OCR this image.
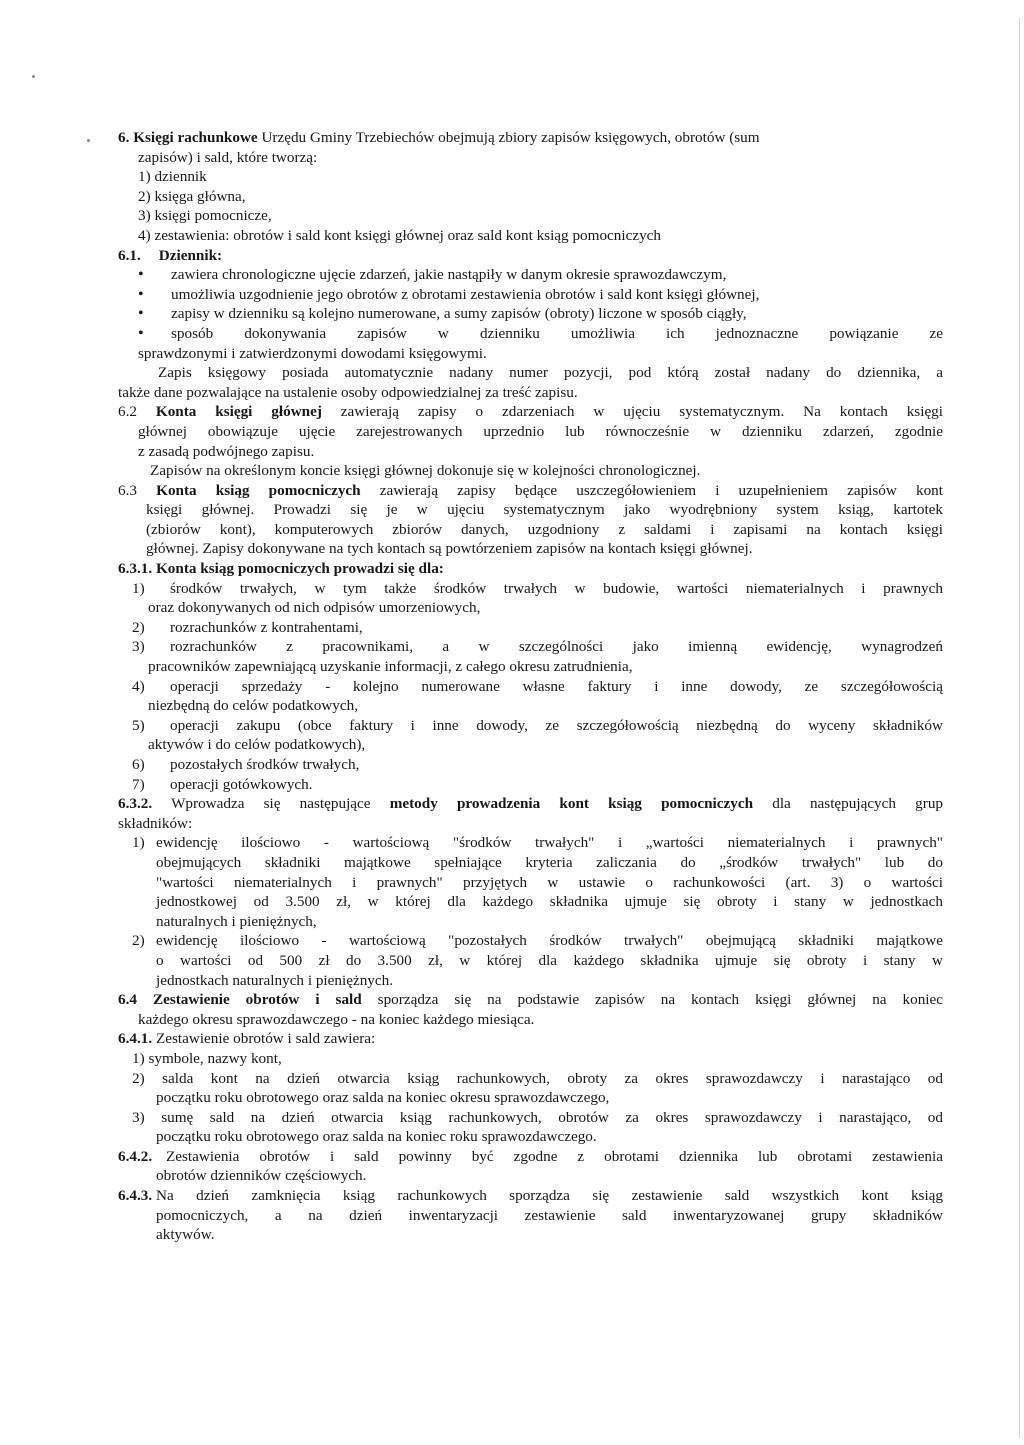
6. Księgi rachunkowe Urzędu Gminy Trzebiechów obejmują zbiory zapisów księgowych, obrotów (sum
zapisów) i sald, które tworzą:
1) dziennik
2) księga główna,
3) księgi pomocnicze,
4) zestawienia: obrotów i sald kont księgi głównej oraz sald kont ksiąg pomocniczych
6.1. Dziennik:
•zawiera chronologiczne ujęcie zdarzeń, jakie nastąpiły w danym okresie sprawozdawczym,
•umożliwia uzgodnienie jego obrotów z obrotami zestawienia obrotów i sald kont księgi głównej,
•zapisy w dzienniku są kolejno numerowane, a sumy zapisów (obroty) liczone w sposób ciągły,
•
sposób dokonywania zapisów w dzienniku umożliwia ich jednoznaczne powiązanie ze
sprawdzonymi i zatwierdzonymi dowodami księgowymi.
Zapis księgowy posiada automatycznie nadany numer pozycji, pod którą został nadany do dziennika, a
także dane pozwalające na ustalenie osoby odpowiedzialnej za treść zapisu.
6.2 Konta księgi głównej zawierają zapisy o zdarzeniach w ujęciu systematycznym. Na kontach księgi
głównej obowiązuje ujęcie zarejestrowanych uprzednio lub równocześnie w dzienniku zdarzeń, zgodnie
z zasadą podwójnego zapisu.
Zapisów na określonym koncie księgi głównej dokonuje się w kolejności chronologicznej.
6.3 Konta ksiąg pomocniczych zawierają zapisy będące uszczegółowieniem i uzupełnieniem zapisów kont
księgi głównej. Prowadzi się je w ujęciu systematycznym jako wyodrębniony system ksiąg, kartotek
(zbiorów kont), komputerowych zbiorów danych, uzgodniony z saldami i zapisami na kontach księgi
głównej. Zapisy dokonywane na tych kontach są powtórzeniem zapisów na kontach księgi głównej.
6.3.1. Konta ksiąg pomocniczych prowadzi się dla:
1)	środków trwałych, w tym także środków trwałych w budowie, wartości niematerialnych i prawnych
oraz dokonywanych od nich odpisów umorzeniowych,
2)	rozrachunków z kontrahentami,
3)	rozrachunków z pracownikami, a w szczególności jako imienną ewidencję, wynagrodzeń
pracowników zapewniającą uzyskanie informacji, z całego okresu zatrudnienia,
4)	operacji sprzedaży - kolejno numerowane własne faktury i inne dowody, ze szczegółowością
niezbędną do celów podatkowych,
5)	operacji zakupu (obce faktury i inne dowody, ze szczegółowością niezbędną do wyceny składników
aktywów i do celów podatkowych),
6)	pozostałych środków trwałych,
7)	operacji gotówkowych.
6.3.2. Wprowadza się następujące metody prowadzenia kont ksiąg pomocniczych dla następujących grup
składników:
1) ewidencję ilościowo - wartościową "środków trwałych" i „wartości niematerialnych i prawnych"
obejmujących składniki majątkowe spełniające kryteria zaliczania do „środków trwałych" lub do
"wartości niematerialnych i prawnych" przyjętych w ustawie o rachunkowości (art. 3) o wartości
jednostkowej od 3.500 zł, w której dla każdego składnika ujmuje się obroty i stany w jednostkach
naturalnych i pieniężnych,
2) ewidencję ilościowo - wartościową "pozostałych środków trwałych" obejmującą składniki majątkowe
o wartości od 500 zł do 3.500 zł, w której dla każdego składnika ujmuje się obroty i stany w
jednostkach naturalnych i pieniężnych.
6.4 Zestawienie obrotów i sald sporządza się na podstawie zapisów na kontach księgi głównej na koniec
każdego okresu sprawozdawczego - na koniec każdego miesiąca.
6.4.1. Zestawienie obrotów i sald zawiera:
1) symbole, nazwy kont,
2) salda kont na dzień otwarcia ksiąg rachunkowych, obroty za okres sprawozdawczy i narastająco od
początku roku obrotowego oraz salda na koniec okresu sprawozdawczego,
3) sumę sald na dzień otwarcia ksiąg rachunkowych, obrotów za okres sprawozdawczy i narastająco, od
początku roku obrotowego oraz salda na koniec roku sprawozdawczego.
6.4.2. Zestawienia obrotów i sald powinny być zgodne z obrotami dziennika lub obrotami zestawienia
obrotów dzienników częściowych.
6.4.3. Na dzień zamknięcia ksiąg rachunkowych sporządza się zestawienie sald wszystkich kont ksiąg
pomocniczych, a na dzień inwentaryzacji zestawienie sald inwentaryzowanej grupy składników
aktywów.
